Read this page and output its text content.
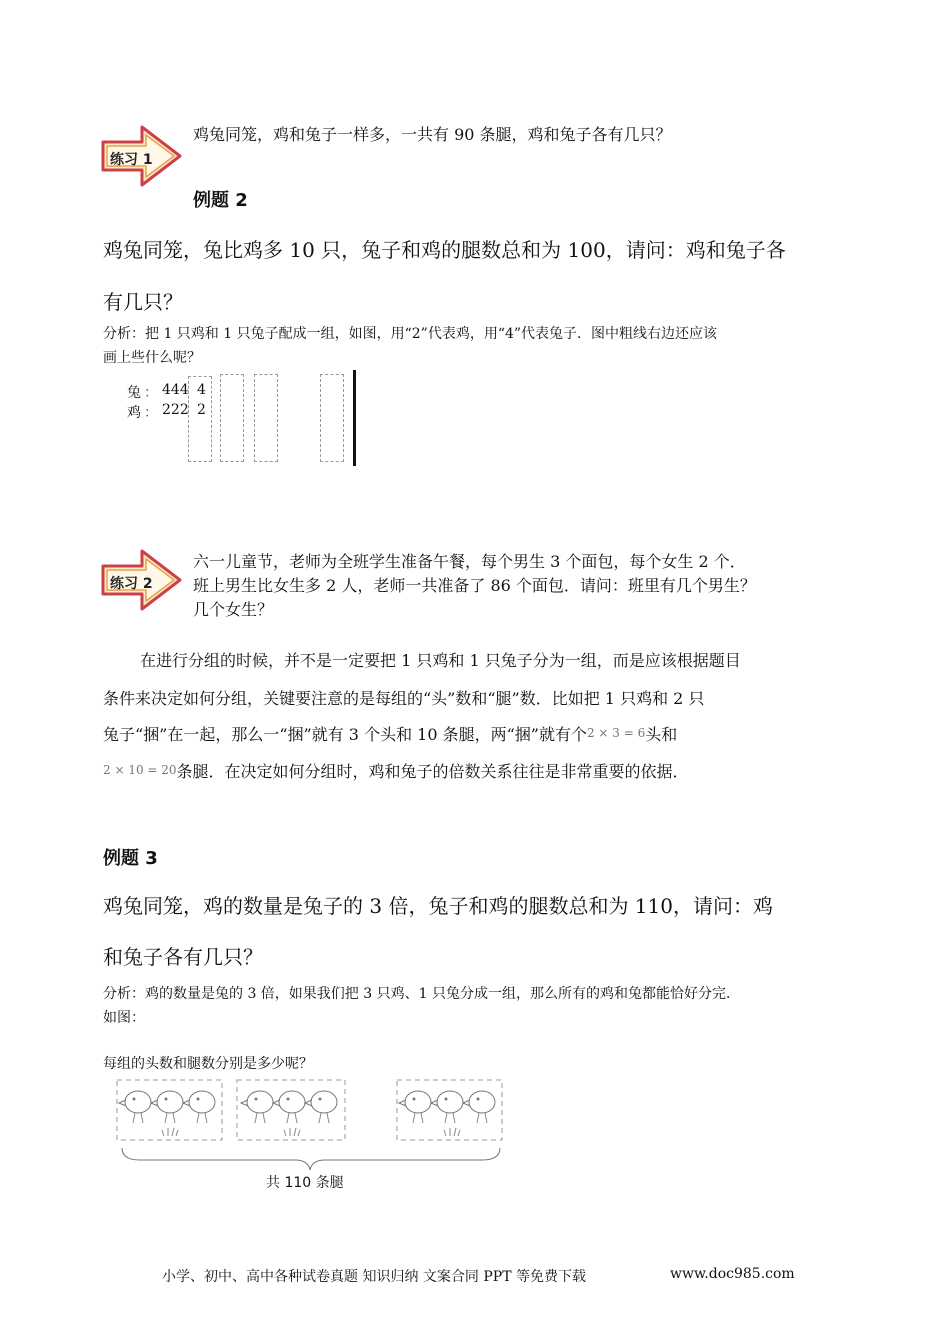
练习 1
鸡兔同笼，鸡和兔子一样多，一共有 90 条腿，鸡和兔子各有几只？
例题 2
鸡兔同笼，兔比鸡多 10 只，兔子和鸡的腿数总和为 100，请问：鸡和兔子各
有几只？
分析：把 1 只鸡和 1 只兔子配成一组，如图，用“2”代表鸡，用“4”代表兔子．图中粗线右边还应该
画上些什么呢？
兔 ： 444 4
鸡 ： 222 2
练习 2
六一儿童节，老师为全班学生准备午餐，每个男生 3 个面包，每个女生 2 个．
班上男生比女生多 2 人，老师一共准备了 86 个面包．请问：班里有几个男生？
几个女生？
在进行分组的时候，并不是一定要把 1 只鸡和 1 只兔子分为一组，而是应该根据题目
条件来决定如何分组，关键要注意的是每组的“头”数和“腿”数．比如把 1 只鸡和 2 只
兔子“捆”在一起，那么一“捆”就有 3 个头和 10 条腿，两“捆”就有个2 × 3 = 6头和
2 × 10 = 20条腿．在决定如何分组时，鸡和兔子的倍数关系往往是非常重要的依据．
例题 3
鸡兔同笼，鸡的数量是兔子的 3 倍，兔子和鸡的腿数总和为 110，请问：鸡
和兔子各有几只？
分析：鸡的数量是兔的 3 倍，如果我们把 3 只鸡、1 只兔分成一组，那么所有的鸡和兔都能恰好分完．
如图：
每组的头数和腿数分别是多少呢？
共 110 条腿
小学、初中、高中各种试卷真题 知识归纳 文案合同 PPT 等免费下载	www.doc985.com
